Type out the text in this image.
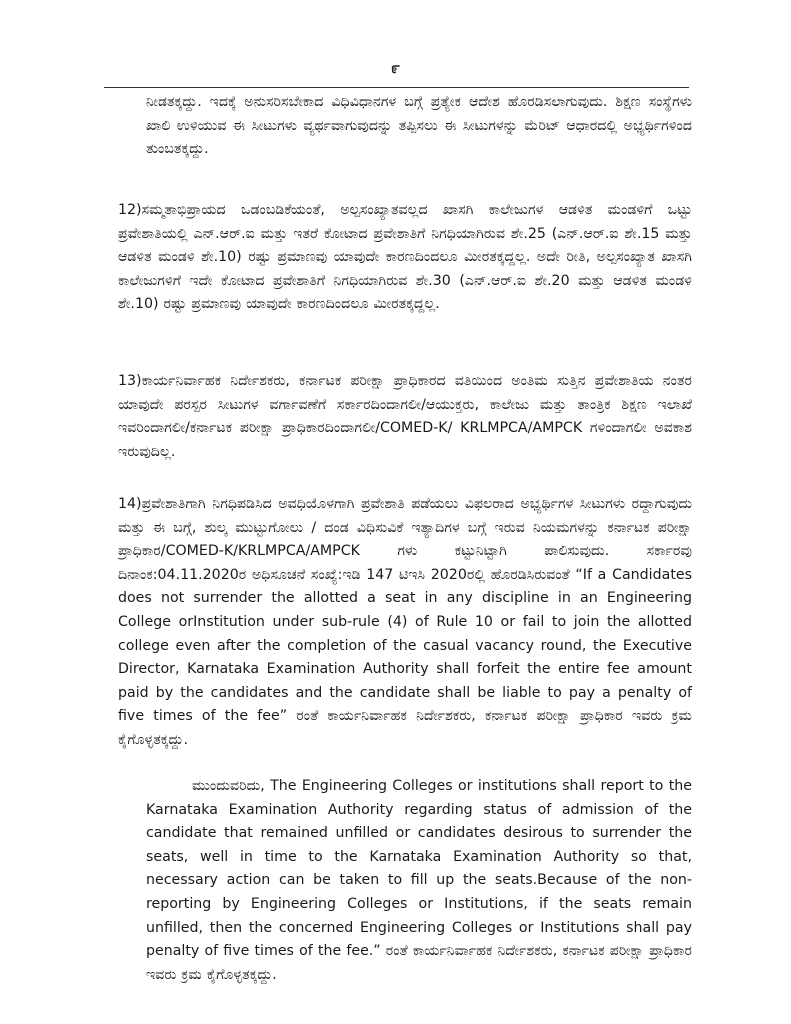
೯
ನೀಡತಕ್ಕದ್ದು. ಇದಕ್ಕೆ ಅನುಸರಿಸಬೇಕಾದ ವಿಧಿವಿಧಾನಗಳ ಬಗ್ಗೆ ಪ್ರತ್ಯೇಕ ಆದೇಶ ಹೊರಡಿಸಲಾಗುವುದು. ಶಿಕ್ಷಣ ಸಂಸ್ಥೆಗಳು ಖಾಲಿ ಉಳಿಯುವ ಈ ಸೀಟುಗಳು ವ್ಯರ್ಥವಾಗುವುದನ್ನು ತಪ್ಪಿಸಲು ಈ ಸೀಟುಗಳನ್ನು ಮೆರಿಟ್ ಆಧಾರದಲ್ಲಿ ಅಭ್ಯರ್ಥಿಗಳಿಂದ ತುಂಬತಕ್ಕದ್ದು.
12)ಸಮ್ಮತಾಭಿಪ್ರಾಯದ ಒಡಂಬಡಿಕೆಯಂತೆ, ಅಲ್ಪಸಂಖ್ಯಾತವಲ್ಲದ ಖಾಸಗಿ ಕಾಲೇಜುಗಳ ಆಡಳಿತ ಮಂಡಳಿಗೆ ಒಟ್ಟು ಪ್ರವೇಶಾತಿಯಲ್ಲಿ ಎನ್.ಆರ್.ಐ ಮತ್ತು ಇತರೆ ಕೋಟಾದ ಪ್ರವೇಶಾತಿಗೆ ನಿಗಧಿಯಾಗಿರುವ ಶೇ.25 (ಎನ್.ಆರ್.ಐ ಶೇ.15 ಮತ್ತು ಆಡಳಿತ ಮಂಡಳಿ ಶೇ.10) ರಷ್ಟು ಪ್ರಮಾಣವು ಯಾವುದೇ ಕಾರಣದಿಂದಲೂ ಮೀರತಕ್ಕದ್ದಲ್ಲ. ಅದೇ ರೀತಿ, ಅಲ್ಪಸಂಖ್ಯಾತ ಖಾಸಗಿ ಕಾಲೇಜುಗಳಿಗೆ ಇದೇ ಕೋಟಾದ ಪ್ರವೇಶಾತಿಗೆ ನಿಗಧಿಯಾಗಿರುವ ಶೇ.30 (ಎನ್.ಆರ್.ಐ ಶೇ.20 ಮತ್ತು ಆಡಳಿತ ಮಂಡಳಿ ಶೇ.10) ರಷ್ಟು ಪ್ರಮಾಣವು ಯಾವುದೇ ಕಾರಣದಿಂದಲೂ ಮೀರತಕ್ಕದ್ದಲ್ಲ.
13)ಕಾರ್ಯನಿರ್ವಾಹಕ ನಿರ್ದೇಶಕರು, ಕರ್ನಾಟಕ ಪರೀಕ್ಷಾ ಪ್ರಾಧಿಕಾರದ ವತಿಯಿಂದ ಅಂತಿಮ ಸುತ್ತಿನ ಪ್ರವೇಶಾತಿಯ ನಂತರ ಯಾವುದೇ ಪರಸ್ಪರ ಸೀಟುಗಳ ವರ್ಗಾವಣೆಗೆ ಸರ್ಕಾರದಿಂದಾಗಲೀ/ಆಯುಕ್ತರು, ಕಾಲೇಜು ಮತ್ತು ತಾಂತ್ರಿಕ ಶಿಕ್ಷಣ ಇಲಾಖೆ ಇವರಿಂದಾಗಲೀ/ಕರ್ನಾಟಕ ಪರೀಕ್ಷಾ ಪ್ರಾಧಿಕಾರದಿಂದಾಗಲೀ/COMED-K/ KRLMPCA/AMPCK ಗಳಿಂದಾಗಲೀ ಅವಕಾಶ ಇರುವುದಿಲ್ಲ.
14)ಪ್ರವೇಶಾತಿಗಾಗಿ ನಿಗಧಿಪಡಿಸಿದ ಅವಧಿಯೊಳಗಾಗಿ ಪ್ರವೇಶಾತಿ ಪಡೆಯಲು ವಿಫಲರಾದ ಅಭ್ಯರ್ಥಿಗಳ ಸೀಟುಗಳು ರದ್ದಾಗುವುದು ಮತ್ತು ಈ ಬಗ್ಗೆ, ಶುಲ್ಕ ಮುಟ್ಟುಗೋಲು / ದಂಡ ವಿಧಿಸುವಿಕೆ ಇತ್ಯಾದಿಗಳ ಬಗ್ಗೆ ಇರುವ ನಿಯಮಗಳನ್ನು ಕರ್ನಾಟಕ ಪರೀಕ್ಷಾ ಪ್ರಾಧಿಕಾರ/COMED-K/KRLMPCA/AMPCK ಗಳು ಕಟ್ಟುನಿಟ್ಟಾಗಿ ಪಾಲಿಸುವುದು. ಸರ್ಕಾರವು ದಿನಾಂಕ:04.11.2020ರ ಅಧಿಸೂಚನೆ ಸಂಖ್ಯೆ:ಇಡಿ 147 ಟಿಇಸಿ 2020ರಲ್ಲಿ ಹೊರಡಿಸಿರುವಂತೆ “If a Candidates does not surrender the allotted a seat in any discipline in an Engineering College orInstitution under sub-rule (4) of Rule 10 or fail to join the allotted college even after the completion of the casual vacancy round, the Executive Director, Karnataka Examination Authority shall forfeit the entire fee amount paid by the candidates and the candidate shall be liable to pay a penalty of five times of the fee” ರಂತೆ ಕಾರ್ಯನಿರ್ವಾಹಕ ನಿರ್ದೇಶಕರು, ಕರ್ನಾಟಕ ಪರೀಕ್ಷಾ ಪ್ರಾಧಿಕಾರ ಇವರು ಕ್ರಮ ಕೈಗೊಳ್ಳತಕ್ಕದ್ದು.
ಮುಂದುವರಿದು, The Engineering Colleges or institutions shall report to the Karnataka Examination Authority regarding status of admission of the candidate that remained unfilled or candidates desirous to surrender the seats, well in time to the Karnataka Examination Authority so that, necessary action can be taken to fill up the seats.Because of the non-reporting by Engineering Colleges or Institutions, if the seats remain unfilled, then the concerned Engineering Colleges or Institutions shall pay penalty of five times of the fee.” ರಂತೆ ಕಾರ್ಯನಿರ್ವಾಹಕ ನಿರ್ದೇಶಕರು, ಕರ್ನಾಟಕ ಪರೀಕ್ಷಾ ಪ್ರಾಧಿಕಾರ ಇವರು ಕ್ರಮ ಕೈಗೊಳ್ಳತಕ್ಕದ್ದು.
